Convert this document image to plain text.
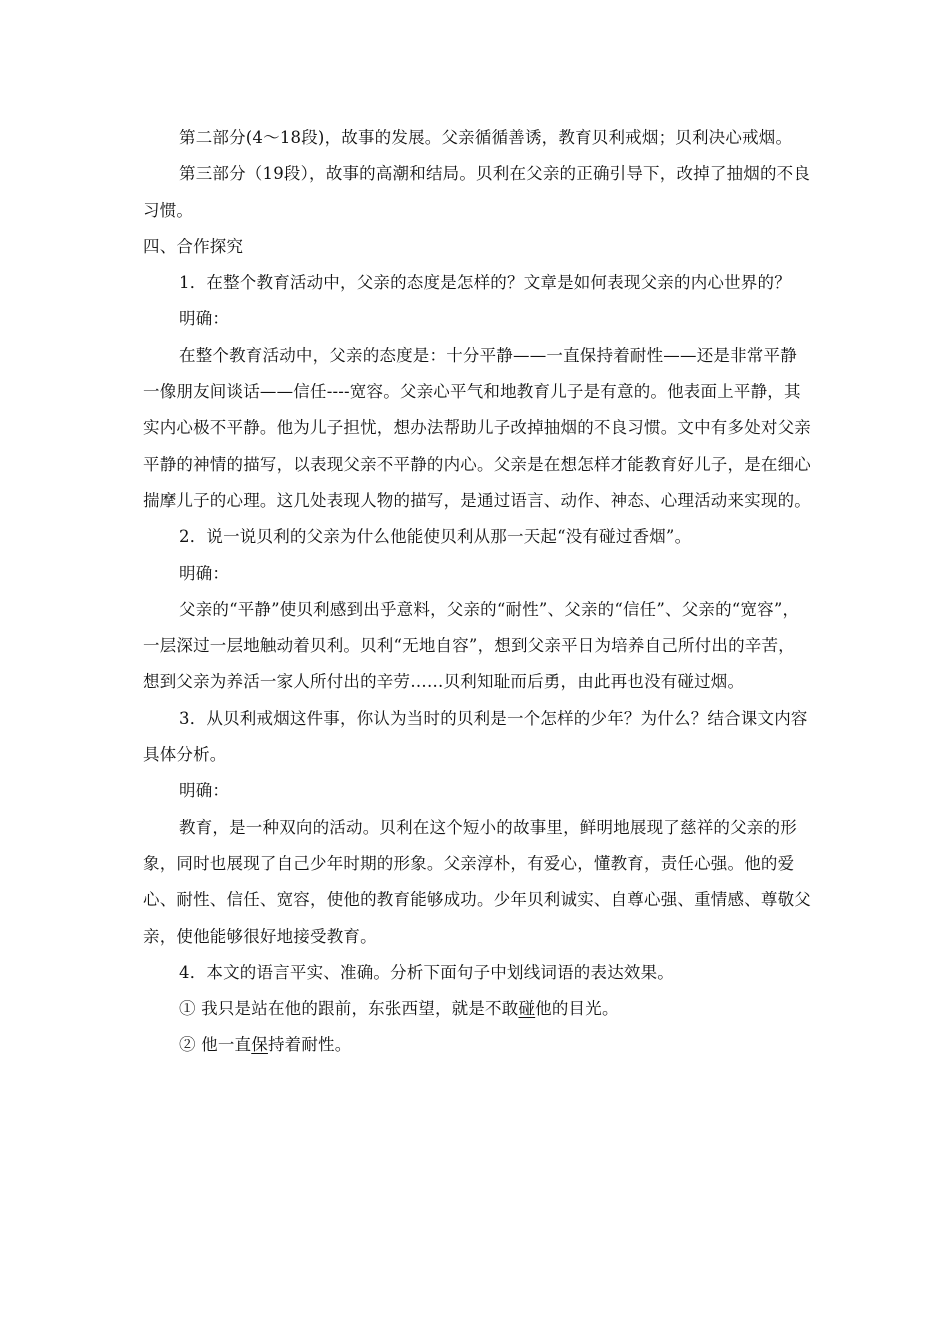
第二部分(4～18段)，故事的发展。父亲循循善诱，教育贝利戒烟；贝利决心戒烟。

第三部分（19段），故事的高潮和结局。贝利在父亲的正确引导下，改掉了抽烟的不良习惯。

四、合作探究

1．在整个教育活动中，父亲的态度是怎样的？文章是如何表现父亲的内心世界的？

明确：

在整个教育活动中，父亲的态度是：十分平静——一直保持着耐性——还是非常平静一像朋友间谈话——信任----宽容。父亲心平气和地教育儿子是有意的。他表面上平静，其实内心极不平静。他为儿子担忧，想办法帮助儿子改掉抽烟的不良习惯。文中有多处对父亲平静的神情的描写，以表现父亲不平静的内心。父亲是在想怎样才能教育好儿子，是在细心揣摩儿子的心理。这几处表现人物的描写，是通过语言、动作、神态、心理活动来实现的。

2．说一说贝利的父亲为什么他能使贝利从那一天起“没有碰过香烟”。

明确：

父亲的“平静”使贝利感到出乎意料，父亲的“耐性”、父亲的“信任”、父亲的“宽容”，一层深过一层地触动着贝利。贝利“无地自容”，想到父亲平日为培养自己所付出的辛苦，想到父亲为养活一家人所付出的辛劳……贝利知耻而后勇，由此再也没有碰过烟。

3．从贝利戒烟这件事，你认为当时的贝利是一个怎样的少年？为什么？结合课文内容具体分析。

明确：

教育，是一种双向的活动。贝利在这个短小的故事里，鲜明地展现了慈祥的父亲的形象，同时也展现了自己少年时期的形象。父亲淳朴，有爱心，懂教育，责任心强。他的爱心、耐性、信任、宽容，使他的教育能够成功。少年贝利诚实、自尊心强、重情感、尊敬父亲，使他能够很好地接受教育。

4．本文的语言平实、准确。分析下面句子中划线词语的表达效果。

① 我只是站在他的跟前，东张西望，就是不敢碰他的目光。

② 他一直保持着耐性。
